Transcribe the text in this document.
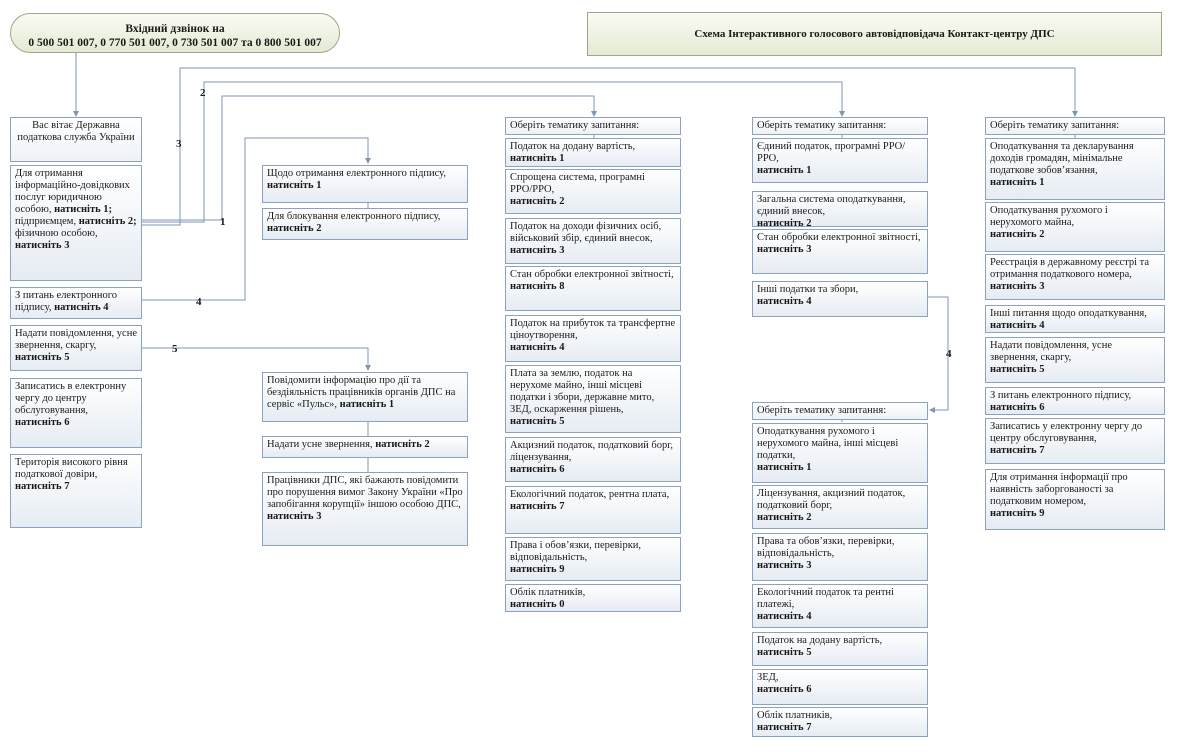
Вхідний дзвінок на
0 500 501 007, 0 770 501 007, 0 730 501 007 та 0 800 501 007
Схема Інтерактивного голосового автовідповідача Контакт-центру ДПС
Вас вітає Державна податкова служба України
Для отримання інформаційно-довідкових послуг юридичною особою, натисніть 1; підприємцем, натисніть 2; фізичною особою, натисніть 3
З питань електронного підпису, натисніть 4
Надати повідомлення, усне звернення, скаргу, натисніть 5
Записатись в електронну чергу до центру обслуговування, натисніть 6
Територія високого рівня податкової довіри, натисніть 7
Щодо отримання електронного підпису, натисніть 1
Для блокування електронного підпису, натисніть 2
Повідомити інформацію про дії та бездіяльність працівників органів ДПС на сервіс «Пульс», натисніть 1
Надати усне звернення, натисніть 2
Працівники ДПС, які бажають повідомити про порушення вимог Закону України «Про запобігання корупції» іншою особою ДПС, натисніть 3
Оберіть тематику запитання:
Податок на додану вартість,
натисніть 1
Спрощена система, програмні РРО/PPO,
натисніть 2
Податок на доходи фізичних осіб, військовий збір, єдиний внесок,
натисніть 3
Стан обробки електронної звітності,
натисніть 8
Податок на прибуток та трансфертне ціноутворення,
натисніть 4
Плата за землю, податок на нерухоме майно, інші місцеві податки і збори, державне мито, ЗЕД, оскарження рішень,
натисніть 5
Акцизний податок, податковий борг, ліцензування,
натисніть 6
Екологічний податок, рентна плата,
натисніть 7
Права і обов’язки, перевірки, відповідальність,
натисніть 9
Облік платників,
натисніть 0
Оберіть тематику запитання:
Єдиний податок, програмні РРО/ PPO,
натисніть 1
Загальна система оподаткування, єдиний внесок,
натисніть 2
Стан обробки електронної звітності,
натисніть 3
Інші податки та збори,
натисніть 4
Оберіть тематику запитання:
Оподаткування рухомого і нерухомого майна, інші місцеві податки,
натисніть 1
Ліцензування, акцизний податок, податковий борг,
натисніть 2
Права та обов’язки, перевірки, відповідальність,
натисніть 3
Екологічний податок та рентні платежі,
натисніть 4
Податок на додану вартість,
натисніть 5
ЗЕД,
натисніть 6
Облік платників,
натисніть 7
Оберіть тематику запитання:
Оподаткування та декларування доходів громадян, мінімальне податкове зобов’язання,
натисніть 1
Оподаткування рухомого і нерухомого майна,
натисніть 2
Реєстрація в державному реєстрі та отримання податкового номера,
натисніть 3
Інші питання щодо оподаткування,
натисніть 4
Надати повідомлення, усне звернення, скаргу,
натисніть 5
З питань електронного підпису,
натисніть 6
Записатись у електронну чергу до центру обслуговування,
натисніть 7
Для отримання інформації про наявність заборгованості за податковим номером,
натисніть 9
1
2
3
4
4
5
